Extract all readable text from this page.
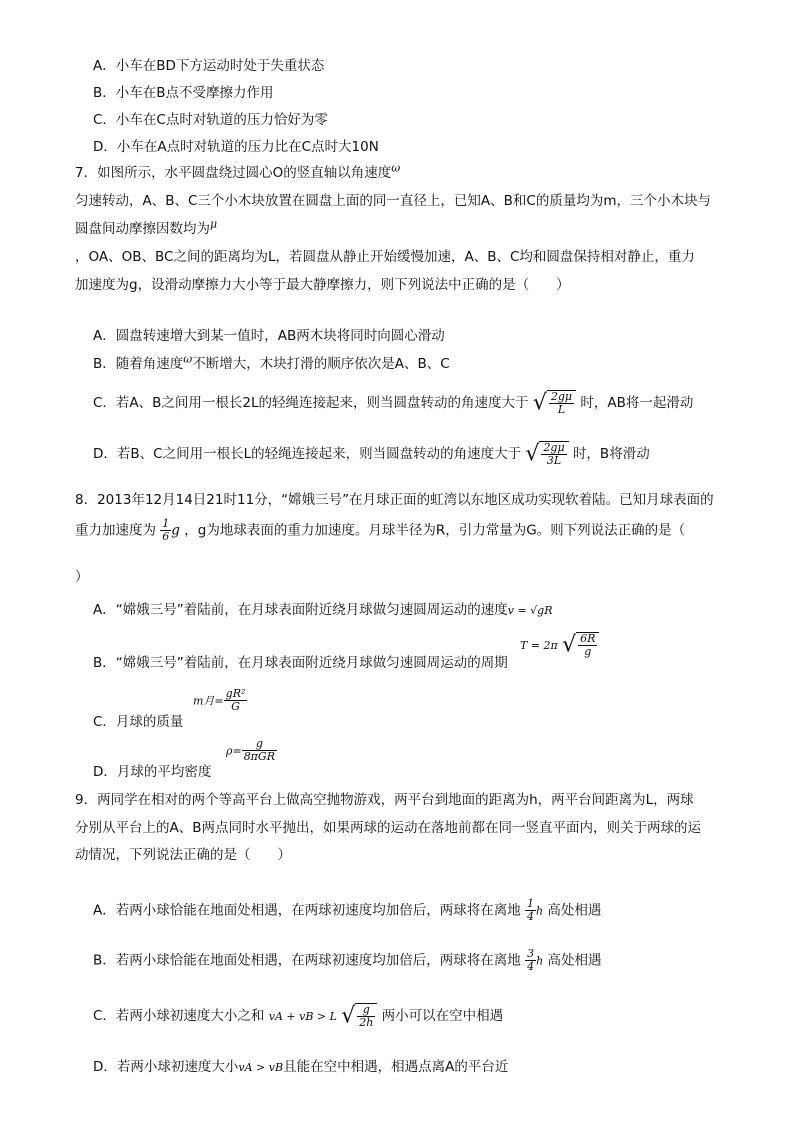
A．小车在BD下方运动时处于失重状态
B．小车在B点不受摩擦力作用
C．小车在C点时对轨道的压力恰好为零
D．小车在A点时对轨道的压力比在C点时大10N
7．如图所示，水平圆盘绕过圆心O的竖直轴以角速度$^\omega$
匀速转动，A、B、C三个小木块放置在圆盘上面的同一直径上，已知A、B和C的质量均为m，三个小木块与
圆盘间动摩擦因数均为$^\mu$
，OA、OB、BC之间的距离均为L，若圆盘从静止开始缓慢加速，A、B、C均和圆盘保持相对静止，重力
加速度为g，设滑动摩擦力大小等于最大静摩擦力，则下列说法中正确的是（　　）
A．圆盘转速增大到某一值时，AB两木块将同时向圆心滑动
B．随着角速度$^\omega$不断增大，木块打滑的顺序依次是A、B、C
C．若A、B之间用一根长2L的轻绳连接起来，则当圆盘转动的角速度大于 √ $\frac{2g\mu}{L}$ 时，AB将一起滑动
D．若B、C之间用一根长L的轻绳连接起来，则当圆盘转动的角速度大于 √ $\frac{2g\mu}{3L}$ 时，B将滑动
8．2013年12月14日21时11分，“嫦娥三号”在月球正面的虹湾以东地区成功实现软着陆。已知月球表面的
重力加速度为 $\frac{1}{6}$ g ，g为地球表面的重力加速度。月球半径为R，引力常量为G。则下列说法正确的是（
）
A．“嫦娥三号”着陆前，在月球表面附近绕月球做匀速圆周运动的速度v = √gR
B．“嫦娥三号”着陆前，在月球表面附近绕月球做匀速圆周运动的周期
T = 2π √ $\frac{6R}{g}$
C．月球的质量
m月= $\frac{\text{gR²}}{G}$
D．月球的平均密度
$\rho= \frac{g}{\text{8πGR}}$
9．两同学在相对的两个等高平台上做高空抛物游戏，两平台到地面的距离为h，两平台间距离为L，两球
分别从平台上的A、B两点同时水平抛出，如果两球的运动在落地前都在同一竖直平面内，则关于两球的运
动情况，下列说法正确的是（　　）
A．若两小球恰能在地面处相遇，在两球初速度均加倍后，两球将在离地 $\frac{1}{4}$ h 高处相遇
B．若两小球恰能在地面处相遇，在两球初速度均加倍后，两球将在离地 $\frac{3}{4}$ h 高处相遇
C．若两小球初速度大小之和 vA + vB > L √ $\frac{g}{2h}$ 两小可以在空中相遇
D．若两小球初速度大小vA > vB且能在空中相遇，相遇点离A的平台近
